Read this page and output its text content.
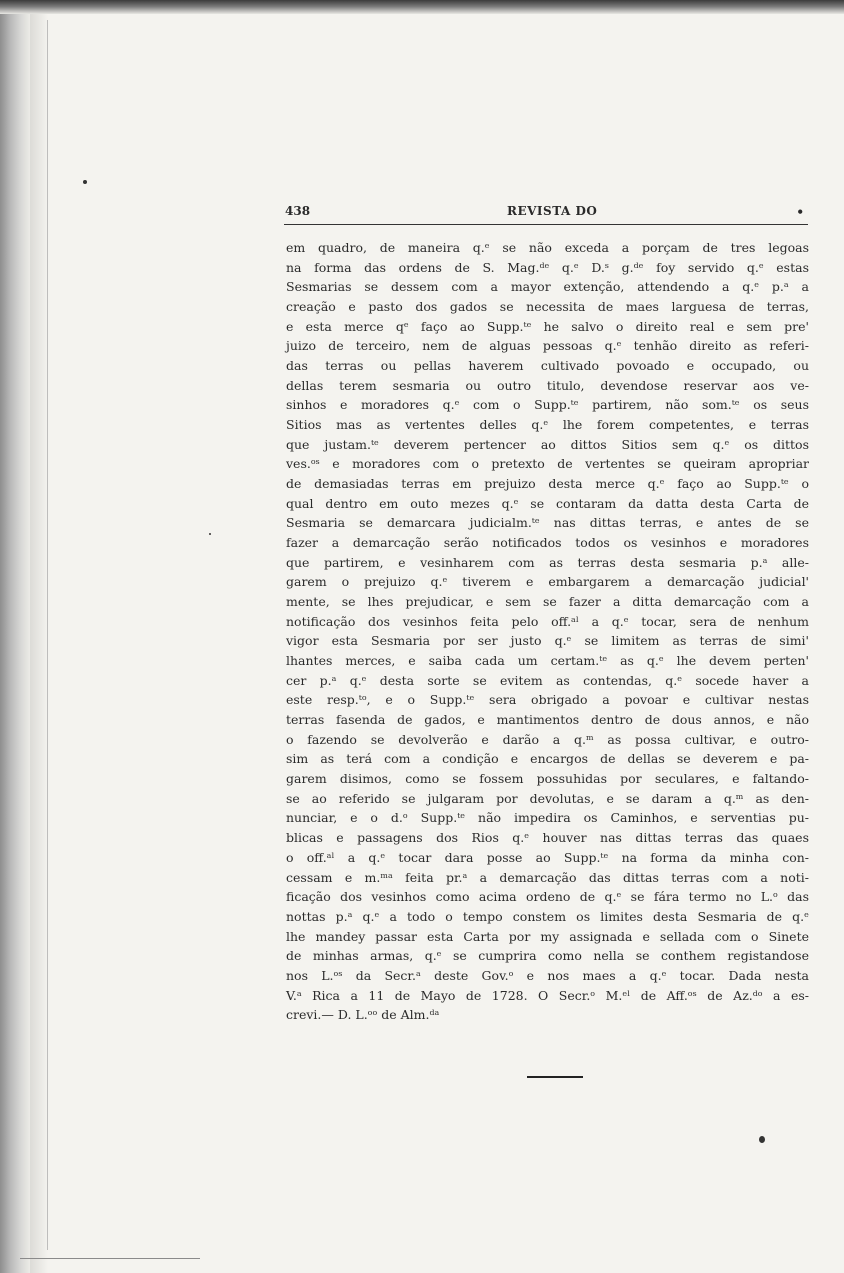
438	REVISTA DO	•
em quadro, de maneira q.ᵉ se não exceda a porçam de tres legoas
na forma das ordens de S. Mag.ᵈᵉ q.ᵉ D.ˢ g.ᵈᵉ foy servido q.ᵉ estas
Sesmarias se dessem com a mayor extenção, attendendo a q.ᵉ p.ᵃ a
creação e pasto dos gados se necessita de maes larguesa de terras,
e esta merce qᵉ faço ao Supp.ᵗᵉ he salvo o direito real e sem pre'
juizo de terceiro, nem de alguas pessoas q.ᵉ tenhão direito as referi-
das terras ou pellas haverem cultivado povoado e occupado, ou
dellas terem sesmaria ou outro titulo, devendose reservar aos ve-
sinhos e moradores q.ᵉ com o Supp.ᵗᵉ partirem, não som.ᵗᵉ os seus
Sitios mas as vertentes delles q.ᵉ lhe forem competentes, e terras
que justam.ᵗᵉ deverem pertencer ao dittos Sitios sem q.ᵉ os dittos
ves.ᵒˢ e moradores com o pretexto de vertentes se queiram apropriar
de demasiadas terras em prejuizo desta merce q.ᵉ faço ao Supp.ᵗᵉ o
qual dentro em outo mezes q.ᵉ se contaram da datta desta Carta de
Sesmaria se demarcara judicialm.ᵗᵉ nas dittas terras, e antes de se
fazer a demarcação serão notificados todos os vesinhos e moradores
que partirem, e vesinharem com as terras desta sesmaria p.ᵃ alle-
garem o prejuizo q.ᵉ tiverem e embargarem a demarcação judicial'
mente, se lhes prejudicar, e sem se fazer a ditta demarcação com a
notificação dos vesinhos feita pelo off.ᵃˡ a q.ᵉ tocar, sera de nenhum
vigor esta Sesmaria por ser justo q.ᵉ se limitem as terras de simi'
lhantes merces, e saiba cada um certam.ᵗᵉ as q.ᵉ lhe devem perten'
cer p.ᵃ q.ᵉ desta sorte se evitem as contendas, q.ᵉ socede haver a
este resp.ᵗᵒ, e o Supp.ᵗᵉ sera obrigado a povoar e cultivar nestas
terras fasenda de gados, e mantimentos dentro de dous annos, e não
o fazendo se devolverão e darão a q.ᵐ as possa cultivar, e outro-
sim as terá com a condição e encargos de dellas se deverem e pa-
garem disimos, como se fossem possuhidas por seculares, e faltando-
se ao referido se julgaram por devolutas, e se daram a q.ᵐ as den-
nunciar, e o d.ᵒ Supp.ᵗᵉ não impedira os Caminhos, e serventias pu-
blicas e passagens dos Rios q.ᵉ houver nas dittas terras das quaes
o off.ᵃˡ a q.ᵉ tocar dara posse ao Supp.ᵗᵉ na forma da minha con-
cessam e m.ᵐᵃ feita pr.ᵃ a demarcação das dittas terras com a noti-
ficação dos vesinhos como acima ordeno de q.ᵉ se fára termo no L.ᵒ das
nottas p.ᵃ q.ᵉ a todo o tempo constem os limites desta Sesmaria de q.ᵉ
lhe mandey passar esta Carta por my assignada e sellada com o Sinete
de minhas armas, q.ᵉ se cumprira como nella se conthem registandose
nos L.ᵒˢ da Secr.ᵃ deste Gov.ᵒ e nos maes a q.ᵉ tocar. Dada nesta
V.ᵃ Rica a 11 de Mayo de 1728. O Secr.ᵒ M.ᵉˡ de Aff.ᵒˢ de Az.ᵈᵒ a es-
crevi.— D. L.ᵒᵒ de Alm.ᵈᵃ
